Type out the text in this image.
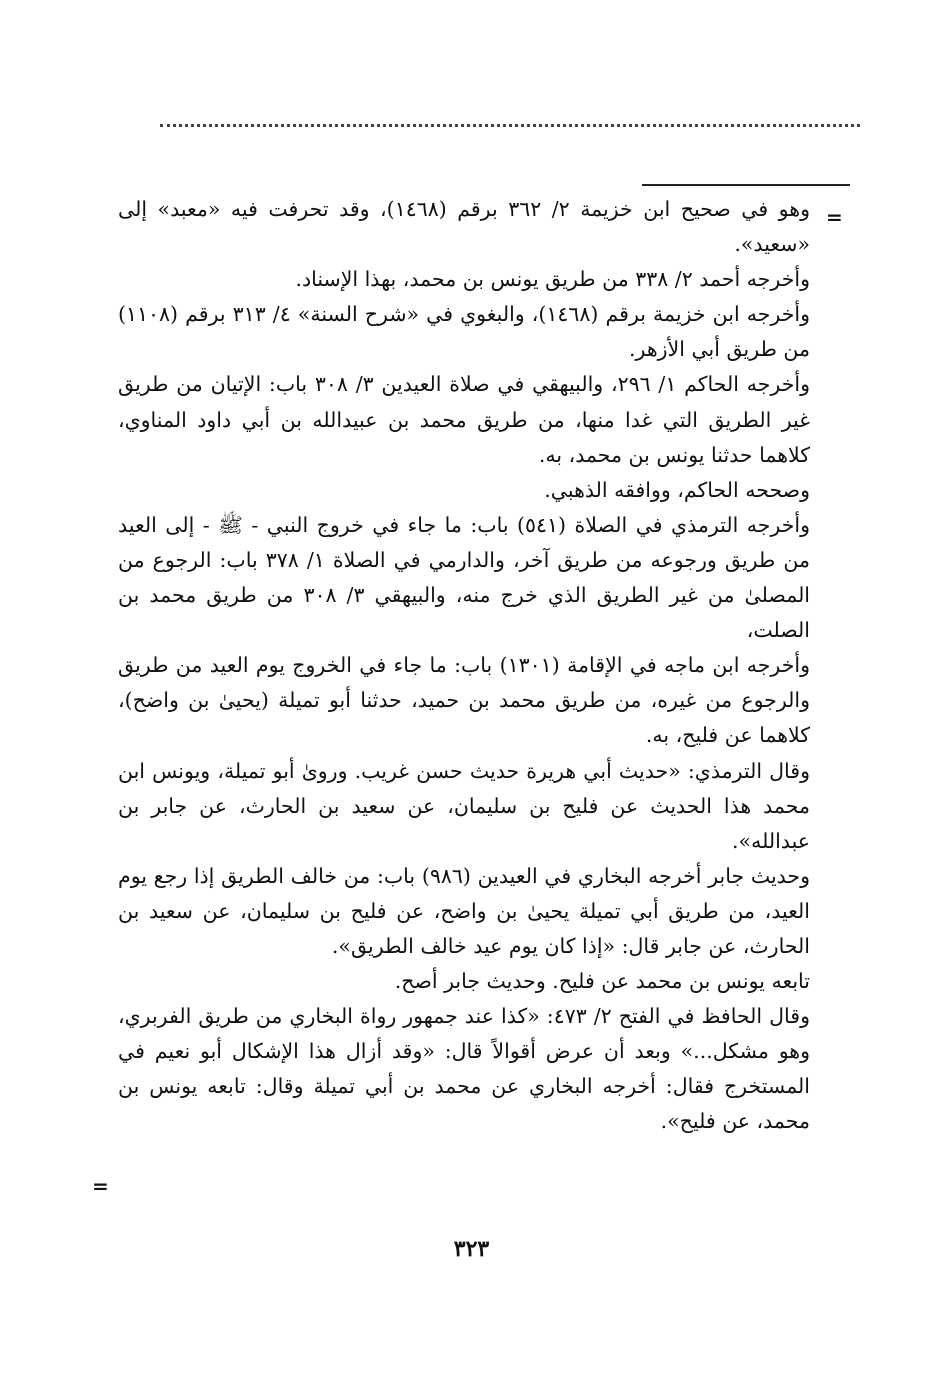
=

وهو في صحيح ابن خزيمة ٢/ ٣٦٢ برقم (١٤٦٨)، وقد تحرفت فيه «معبد» إلى «سعيد».

وأخرجه أحمد ٢/ ٣٣٨ من طريق يونس بن محمد، بهذا الإسناد.

وأخرجه ابن خزيمة برقم (١٤٦٨)، والبغوي في «شرح السنة» ٤/ ٣١٣ برقم (١١٠٨) من طريق أبي الأزهر.

وأخرجه الحاكم ١/ ٢٩٦، والبيهقي في صلاة العيدين ٣/ ٣٠٨ باب: الإتيان من طريق غير الطريق التي غدا منها، من طريق محمد بن عبيدالله بن أبي داود المناوي، كلاهما حدثنا يونس بن محمد، به.

وصححه الحاكم، ووافقه الذهبي.

وأخرجه الترمذي في الصلاة (٥٤١) باب: ما جاء في خروج النبي - ﷺ - إلى العيد من طريق ورجوعه من طريق آخر، والدارمي في الصلاة ١/ ٣٧٨ باب: الرجوع من المصلىٰ من غير الطريق الذي خرج منه، والبيهقي ٣/ ٣٠٨ من طريق محمد بن الصلت،

وأخرجه ابن ماجه في الإقامة (١٣٠١) باب: ما جاء في الخروج يوم العيد من طريق والرجوع من غيره، من طريق محمد بن حميد، حدثنا أبو تميلة (يحيىٰ بن واضح)، كلاهما عن فليح، به.

وقال الترمذي: «حديث أبي هريرة حديث حسن غريب. وروىٰ أبو تميلة، ويونس ابن محمد هذا الحديث عن فليح بن سليمان، عن سعيد بن الحارث، عن جابر بن عبدالله».

وحديث جابر أخرجه البخاري في العيدين (٩٨٦) باب: من خالف الطريق إذا رجع يوم العيد، من طريق أبي تميلة يحيىٰ بن واضح، عن فليح بن سليمان، عن سعيد بن الحارث، عن جابر قال: «إذا كان يوم عيد خالف الطريق».

تابعه يونس بن محمد عن فليح. وحديث جابر أصح.

وقال الحافظ في الفتح ٢/ ٤٧٣: «كذا عند جمهور رواة البخاري من طريق الفربري، وهو مشكل...» وبعد أن عرض أقوالاً قال: «وقد أزال هذا الإشكال أبو نعيم في المستخرج فقال: أخرجه البخاري عن محمد بن أبي تميلة وقال: تابعه يونس بن محمد، عن فليح».

=
٣٢٣
